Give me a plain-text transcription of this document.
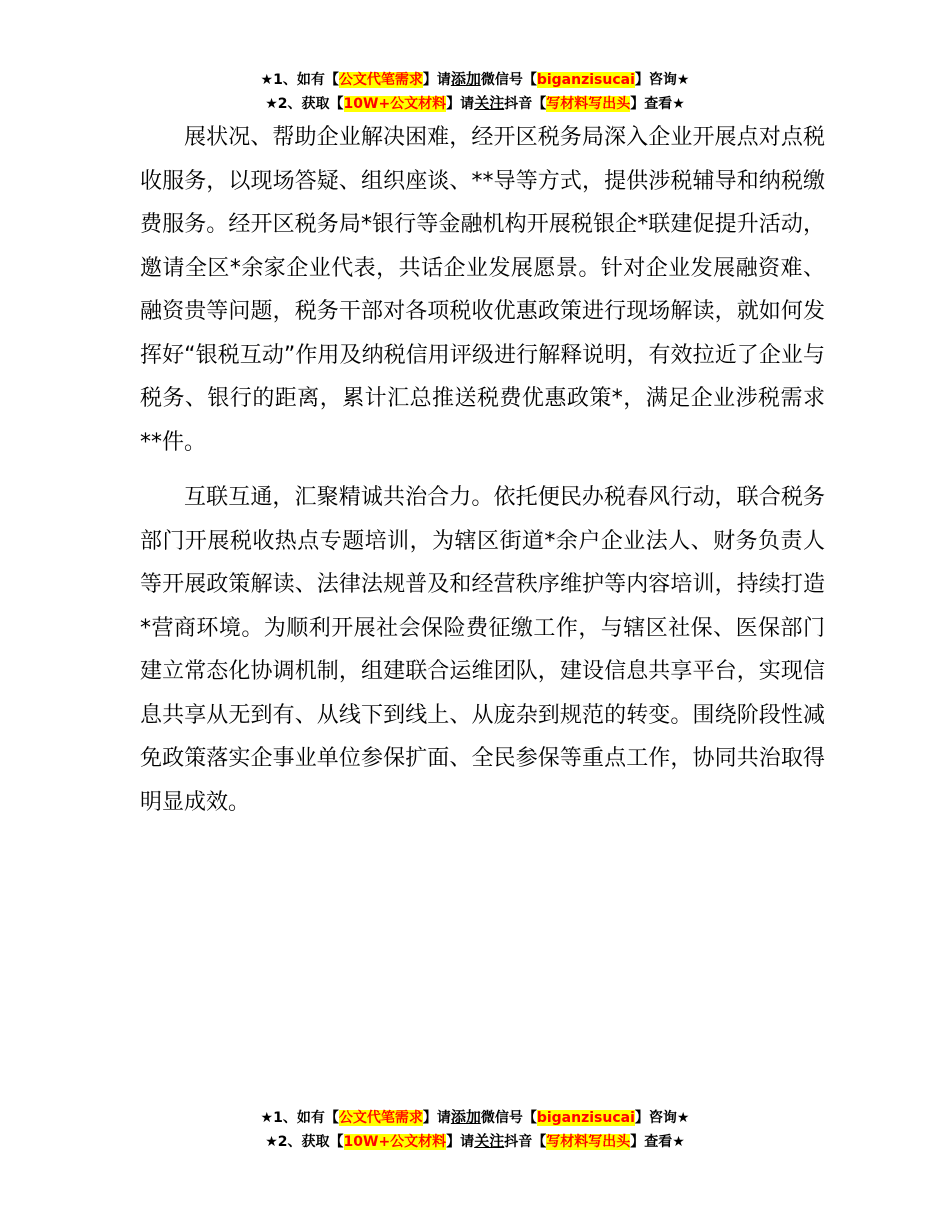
★1、如有【公文代笔需求】请添加微信号【biganzisucai】咨询★
★2、获取【10W+公文材料】请关注抖音【写材料写出头】查看★

展状况、帮助企业解决困难，经开区税务局深入企业开展点对点税收服务，以现场答疑、组织座谈、**导等方式，提供涉税辅导和纳税缴费服务。经开区税务局*银行等金融机构开展税银企*联建促提升活动，邀请全区*余家企业代表，共话企业发展愿景。针对企业发展融资难、融资贵等问题，税务干部对各项税收优惠政策进行现场解读，就如何发挥好“银税互动”作用及纳税信用评级进行解释说明，有效拉近了企业与税务、银行的距离，累计汇总推送税费优惠政策*，满足企业涉税需求**件。

互联互通，汇聚精诚共治合力。依托便民办税春风行动，联合税务部门开展税收热点专题培训，为辖区街道*余户企业法人、财务负责人等开展政策解读、法律法规普及和经营秩序维护等内容培训，持续打造*营商环境。为顺利开展社会保险费征缴工作，与辖区社保、医保部门建立常态化协调机制，组建联合运维团队，建设信息共享平台，实现信息共享从无到有、从线下到线上、从庞杂到规范的转变。围绕阶段性减免政策落实企事业单位参保扩面、全民参保等重点工作，协同共治取得明显成效。

★1、如有【公文代笔需求】请添加微信号【biganzisucai】咨询★
★2、获取【10W+公文材料】请关注抖音【写材料写出头】查看★
